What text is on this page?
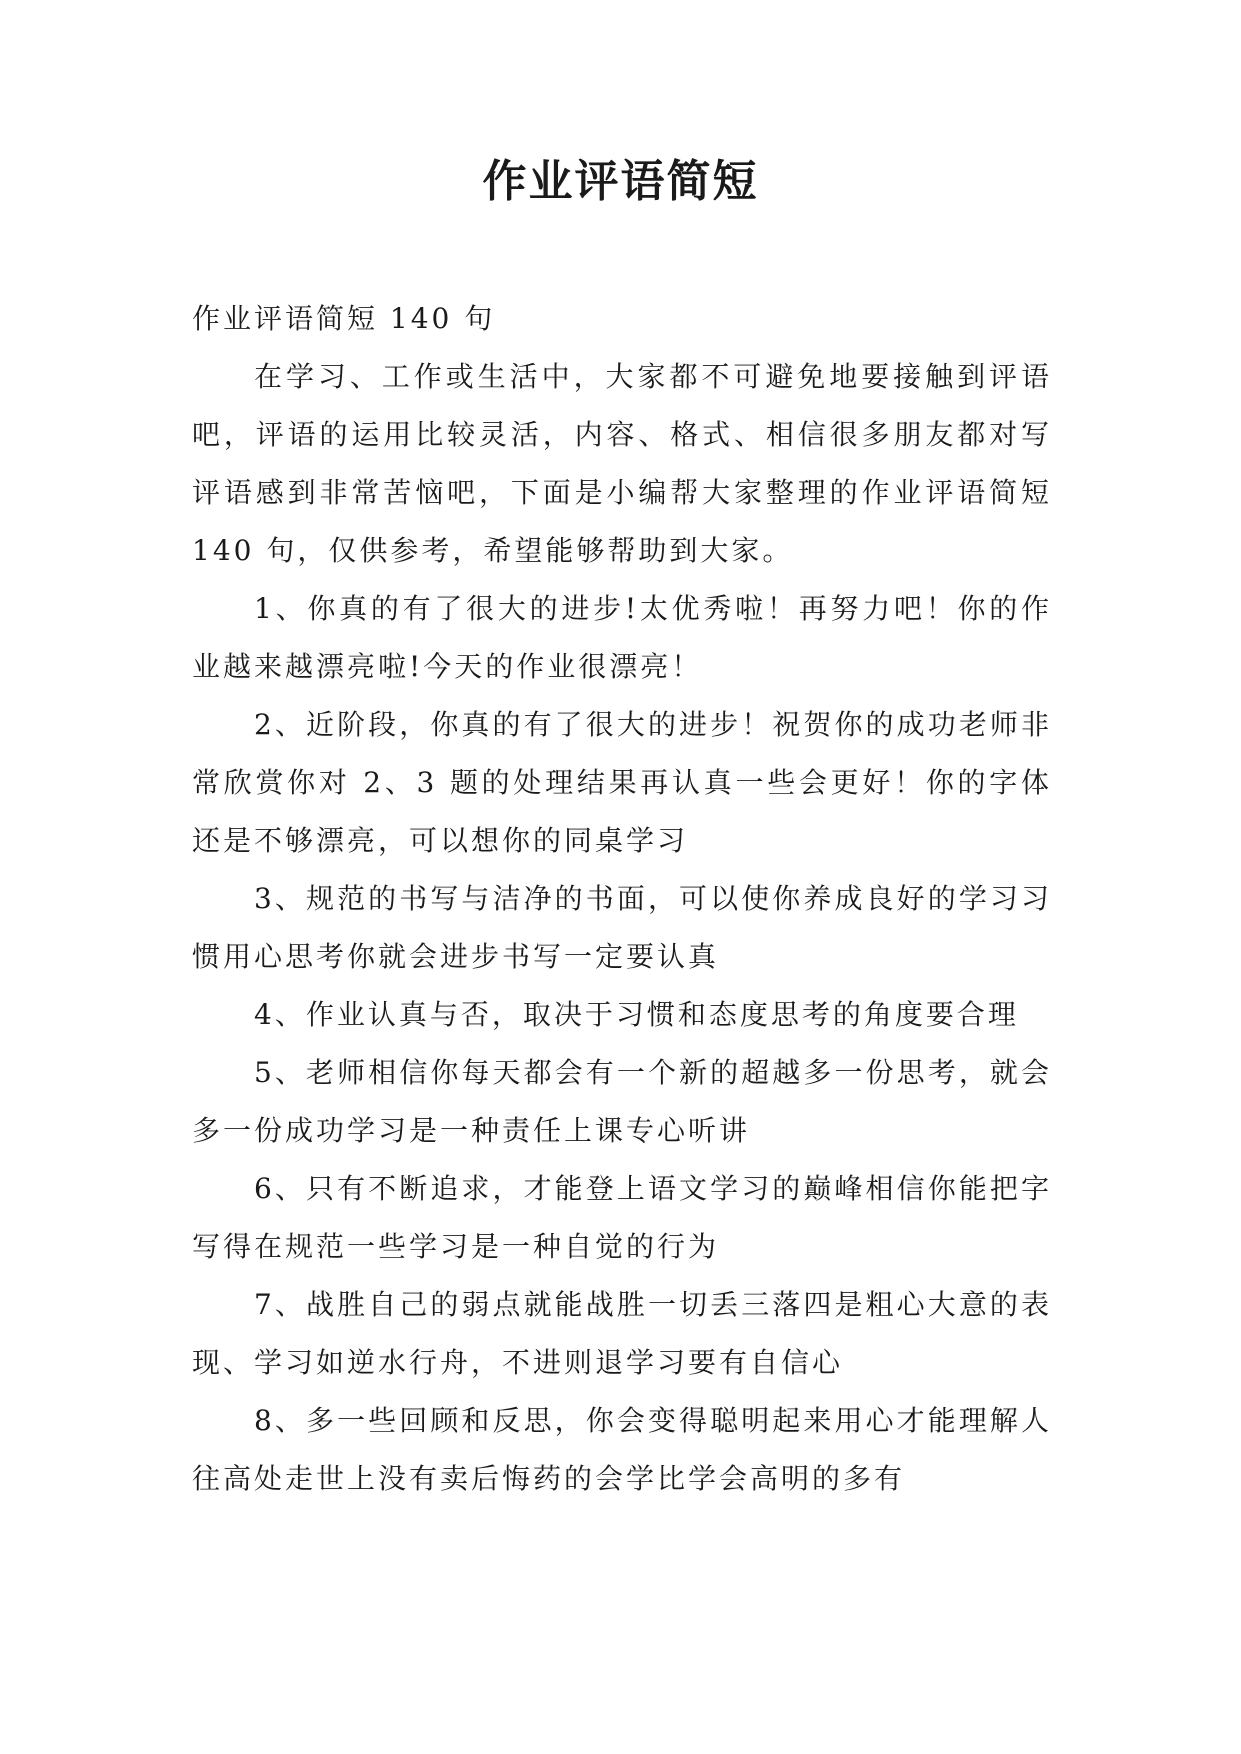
作业评语简短

作业评语简短 140 句

在学习、工作或生活中，大家都不可避免地要接触到评语吧，评语的运用比较灵活，内容、格式、相信很多朋友都对写评语感到非常苦恼吧，下面是小编帮大家整理的作业评语简短 140 句，仅供参考，希望能够帮助到大家。

1、你真的有了很大的进步!太优秀啦！再努力吧！你的作业越来越漂亮啦!今天的作业很漂亮！

2、近阶段，你真的有了很大的进步！祝贺你的成功老师非常欣赏你对 2、3 题的处理结果再认真一些会更好！你的字体还是不够漂亮，可以想你的同桌学习

3、规范的书写与洁净的书面，可以使你养成良好的学习习惯用心思考你就会进步书写一定要认真

4、作业认真与否，取决于习惯和态度思考的角度要合理

5、老师相信你每天都会有一个新的超越多一份思考，就会多一份成功学习是一种责任上课专心听讲

6、只有不断追求，才能登上语文学习的巅峰相信你能把字写得在规范一些学习是一种自觉的行为

7、战胜自己的弱点就能战胜一切丢三落四是粗心大意的表现、学习如逆水行舟，不进则退学习要有自信心

8、多一些回顾和反思，你会变得聪明起来用心才能理解人往高处走世上没有卖后悔药的会学比学会高明的多有
